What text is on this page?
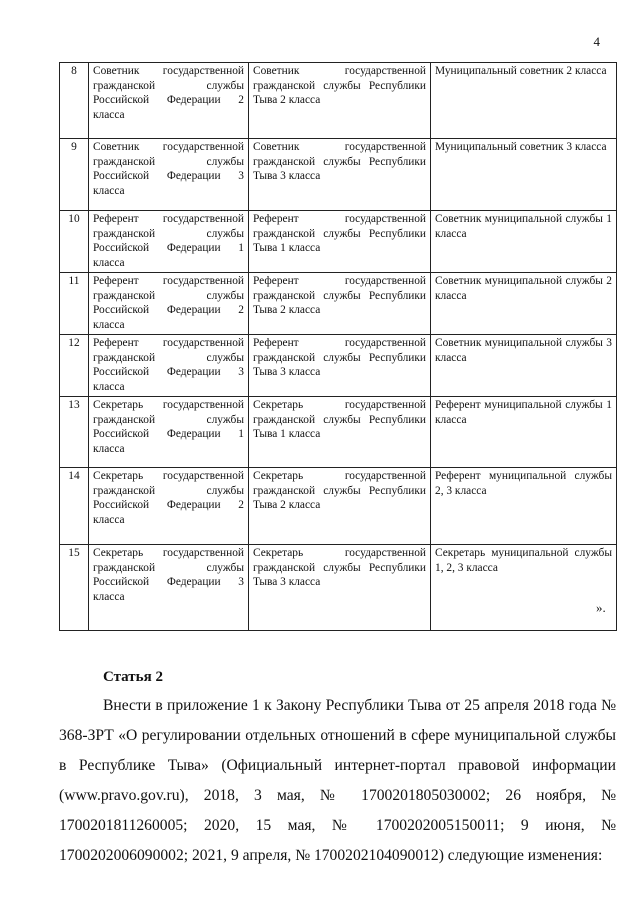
4
8	Советник государственной гражданской службы Российской Федерации 2 класса	Советник государственной гражданской службы Республики Тыва 2 класса	Муниципальный советник 2 класса
9	Советник государственной гражданской службы Российской Федерации 3 класса	Советник государственной гражданской службы Республики Тыва 3 класса	Муниципальный советник 3 класса
10	Референт государственной гражданской службы Российской Федерации 1 класса	Референт государственной гражданской службы Республики Тыва 1 класса	Советник муниципальной службы 1 класса
11	Референт государственной гражданской службы Российской Федерации 2 класса	Референт государственной гражданской службы Республики Тыва 2 класса	Советник муниципальной службы 2 класса
12	Референт государственной гражданской службы Российской Федерации 3 класса	Референт государственной гражданской службы Республики Тыва 3 класса	Советник муниципальной службы 3 класса
13	Секретарь государственной гражданской службы Российской Федерации 1 класса	Секретарь государственной гражданской службы Республики Тыва 1 класса	Референт муниципальной службы 1 класса
14	Секретарь государственной гражданской службы Российской Федерации 2 класса	Секретарь государственной гражданской службы Республики Тыва 2 класса	Референт муниципальной службы 2, 3 класса
15	Секретарь государственной гражданской службы Российской Федерации 3 класса	Секретарь государственной гражданской службы Республики Тыва 3 класса	Секретарь муниципальной службы 1, 2, 3 класса
».
Статья 2

Внести в приложение 1 к Закону Республики Тыва от 25 апреля 2018 года № 368-ЗРТ «О регулировании отдельных отношений в сфере муниципальной службы в Республике Тыва» (Официальный интернет-портал правовой информации (www.pravo.gov.ru), 2018, 3 мая, № 1700201805030002; 26 ноября, № 1700201811260005; 2020, 15 мая, № 1700202005150011; 9 июня, № 1700202006090002; 2021, 9 апреля, № 1700202104090012) следующие изменения:
